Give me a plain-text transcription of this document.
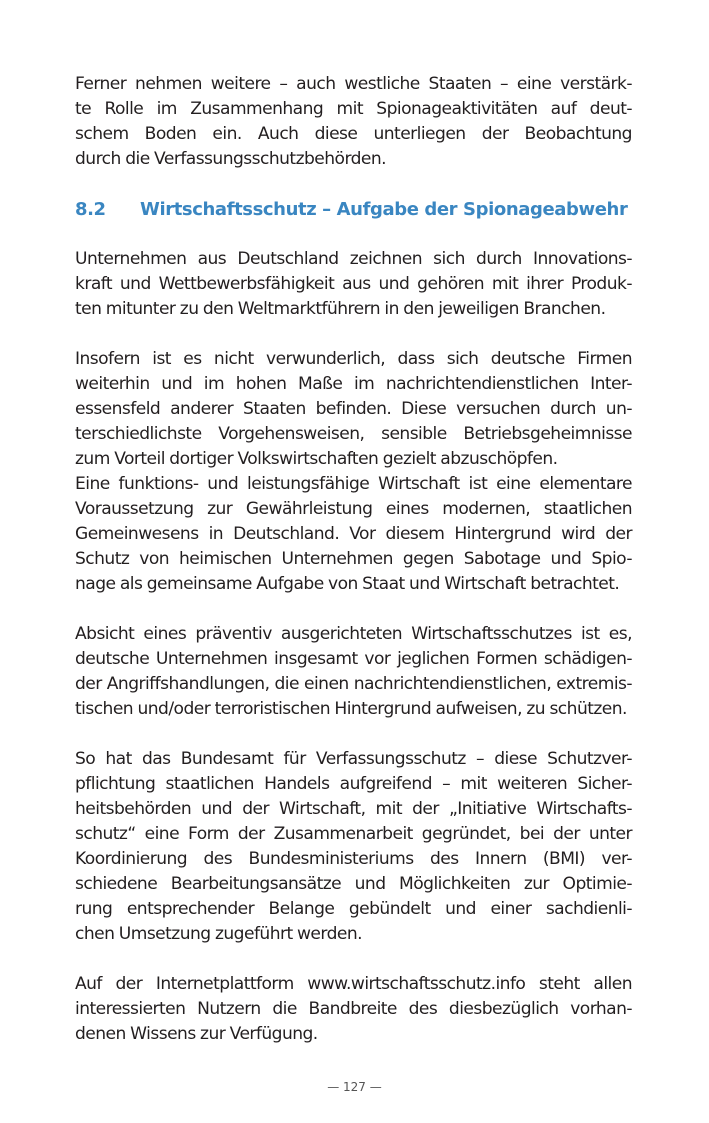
Ferner nehmen weitere – auch westliche Staaten – eine verstärk-
te Rolle im Zusammenhang mit Spionageaktivitäten auf deut-
schem Boden ein. Auch diese unterliegen der Beobachtung
durch die Verfassungsschutzbehörden.

8.2	Wirtschaftsschutz – Aufgabe der Spionageabwehr

Unternehmen aus Deutschland zeichnen sich durch Innovations-
kraft und Wettbewerbsfähigkeit aus und gehören mit ihrer Produk-
ten mitunter zu den Weltmarktführern in den jeweiligen Branchen.

Insofern ist es nicht verwunderlich, dass sich deutsche Firmen
weiterhin und im hohen Maße im nachrichtendienstlichen Inter-
essensfeld anderer Staaten befinden. Diese versuchen durch un-
terschiedlichste Vorgehensweisen, sensible Betriebsgeheimnisse
zum Vorteil dortiger Volkswirtschaften gezielt abzuschöpfen.

Eine funktions- und leistungsfähige Wirtschaft ist eine elementare
Voraussetzung zur Gewährleistung eines modernen, staatlichen
Gemeinwesens in Deutschland. Vor diesem Hintergrund wird der
Schutz von heimischen Unternehmen gegen Sabotage und Spio-
nage als gemeinsame Aufgabe von Staat und Wirtschaft betrachtet.

Absicht eines präventiv ausgerichteten Wirtschaftsschutzes ist es,
deutsche Unternehmen insgesamt vor jeglichen Formen schädigen-
der Angriffshandlungen, die einen nachrichtendienstlichen, extremis-
tischen und/oder terroristischen Hintergrund aufweisen, zu schützen.

So hat das Bundesamt für Verfassungsschutz – diese Schutzver-
pflichtung staatlichen Handels aufgreifend – mit weiteren Sicher-
heitsbehörden und der Wirtschaft, mit der „Initiative Wirtschafts-
schutz“ eine Form der Zusammenarbeit gegründet, bei der unter
Koordinierung des Bundesministeriums des Innern (BMI) ver-
schiedene Bearbeitungsansätze und Möglichkeiten zur Optimie-
rung entsprechender Belange gebündelt und einer sachdienli-
chen Umsetzung zugeführt werden.

Auf der Internetplattform www.wirtschaftsschutz.info steht allen
interessierten Nutzern die Bandbreite des diesbezüglich vorhan-
denen Wissens zur Verfügung.

— 127 —
